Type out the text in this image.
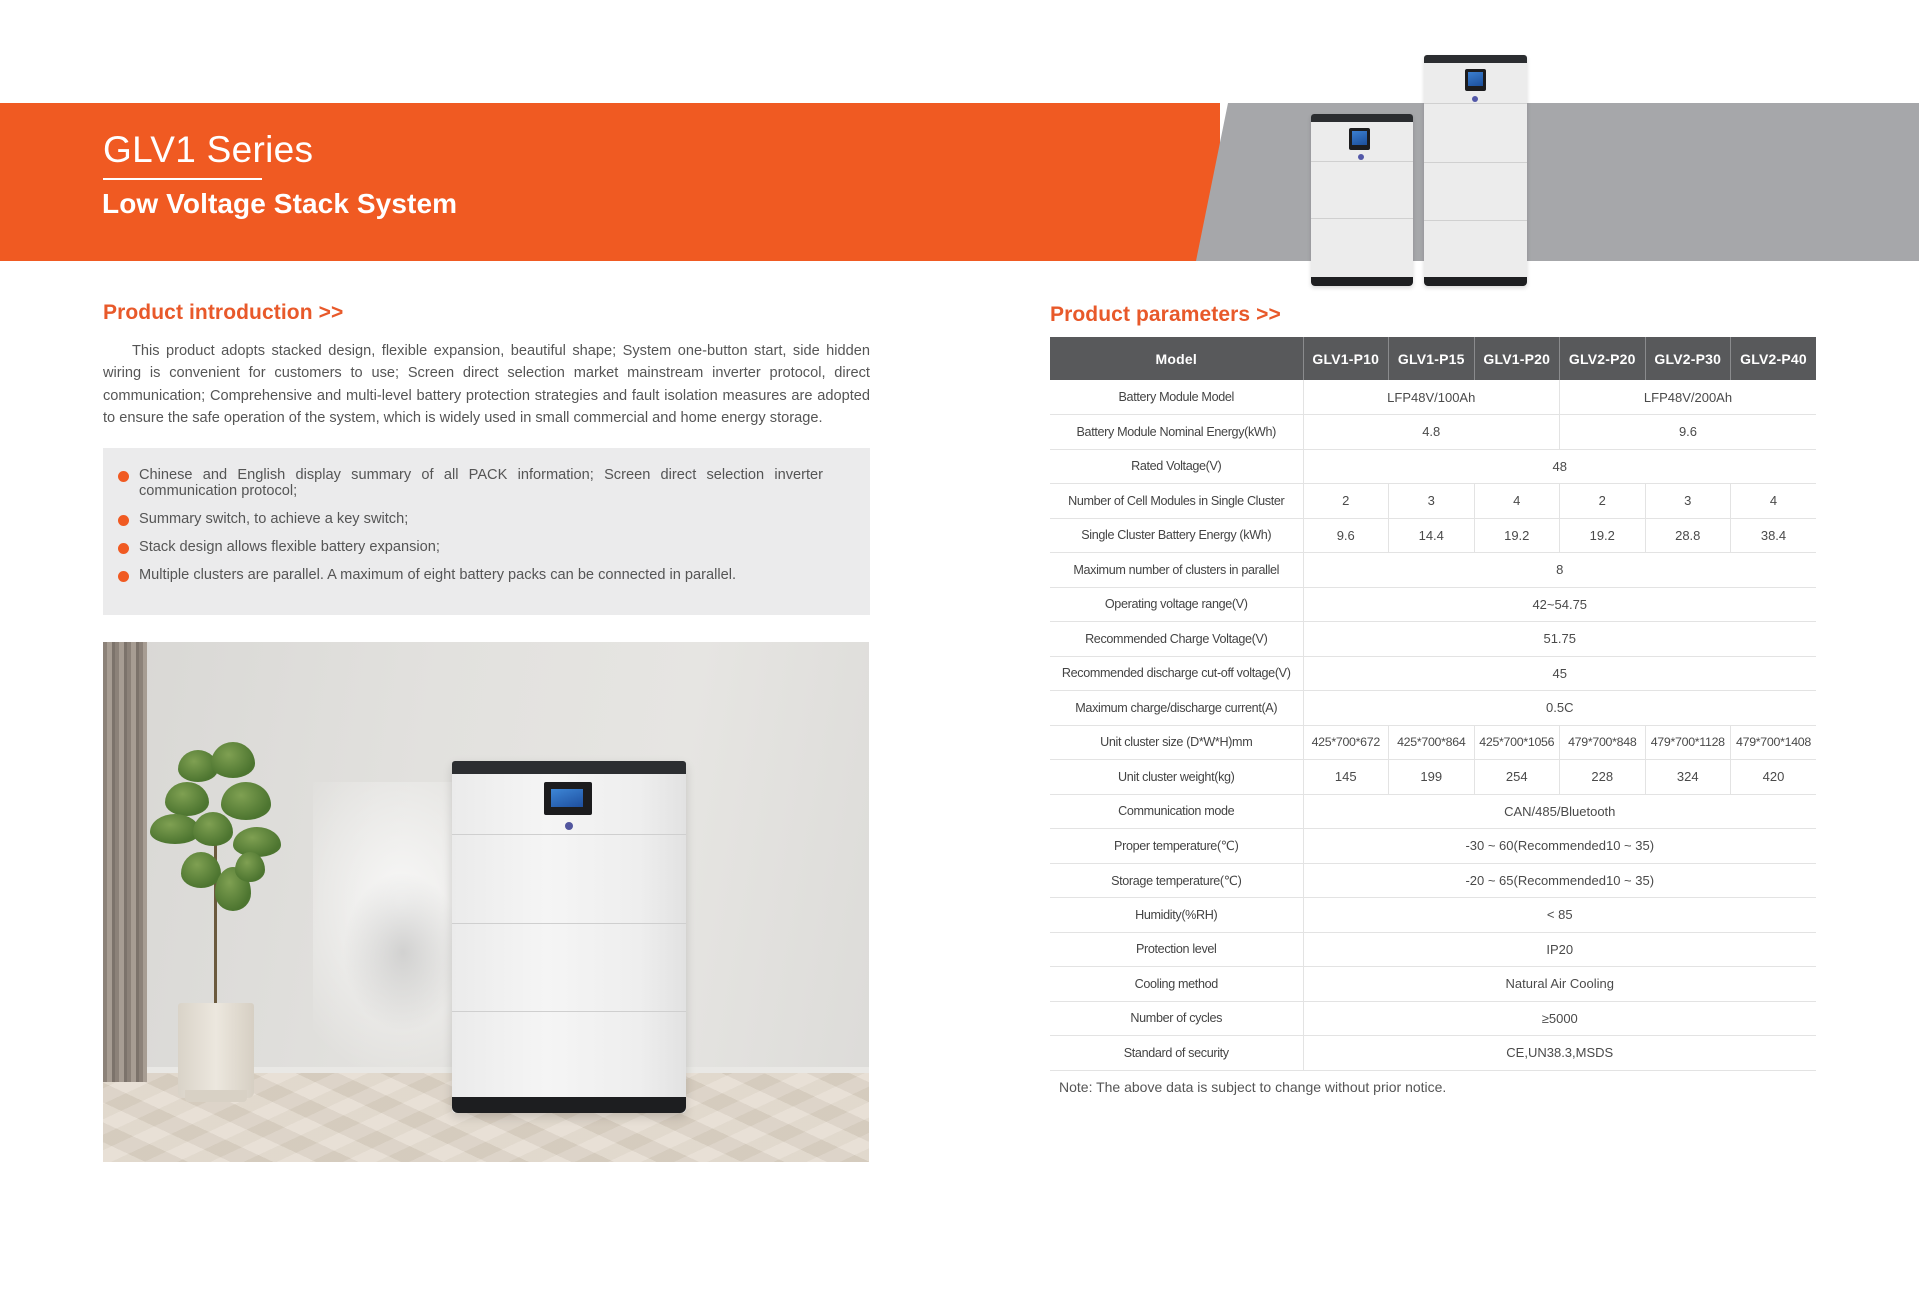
GLV1 Series
Low Voltage Stack System
Product introduction >>

This product adopts stacked design, flexible expansion, beautiful shape; System one-button start, side hidden wiring is convenient for customers to use; Screen direct selection market mainstream inverter protocol, direct communication; Comprehensive and multi-level battery protection strategies and fault isolation measures are adopted to ensure the safe operation of the system, which is widely used in small commercial and home energy storage.

Chinese and English display summary of all PACK information; Screen direct selection inverter communication protocol;
Summary switch, to achieve a key switch;
Stack design allows flexible battery expansion;
Multiple clusters are parallel. A maximum of eight battery packs can be connected in parallel.
Product parameters >>
Model	GLV1-P10	GLV1-P15	GLV1-P20	GLV2-P20	GLV2-P30	GLV2-P40
Battery Module Model	LFP48V/100Ah			LFP48V/200Ah		
Battery Module Nominal Energy(kWh)	4.8			9.6		
Rated Voltage(V)	48					
Number of Cell Modules in Single Cluster	2	3	4	2	3	4
Single Cluster Battery Energy (kWh)	9.6	14.4	19.2	19.2	28.8	38.4
Maximum number of clusters in parallel	8					
Operating voltage range(V)	42~54.75					
Recommended Charge Voltage(V)	51.75					
Recommended discharge cut-off voltage(V)	45					
Maximum charge/discharge current(A)	0.5C					
Unit cluster size (D*W*H)mm	425*700*672	425*700*864	425*700*1056	479*700*848	479*700*1128	479*700*1408
Unit cluster weight(kg)	145	199	254	228	324	420
Communication mode	CAN/485/Bluetooth					
Proper temperature(℃)	-30 ~ 60(Recommended10 ~ 35)					
Storage temperature(℃)	-20 ~ 65(Recommended10 ~ 35)					
Humidity(%RH)	< 85					
Protection level	IP20					
Cooling method	Natural Air Cooling					
Number of cycles	≥5000					
Standard of security	CE,UN38.3,MSDS					

Note: The above data is subject to change without prior notice.
